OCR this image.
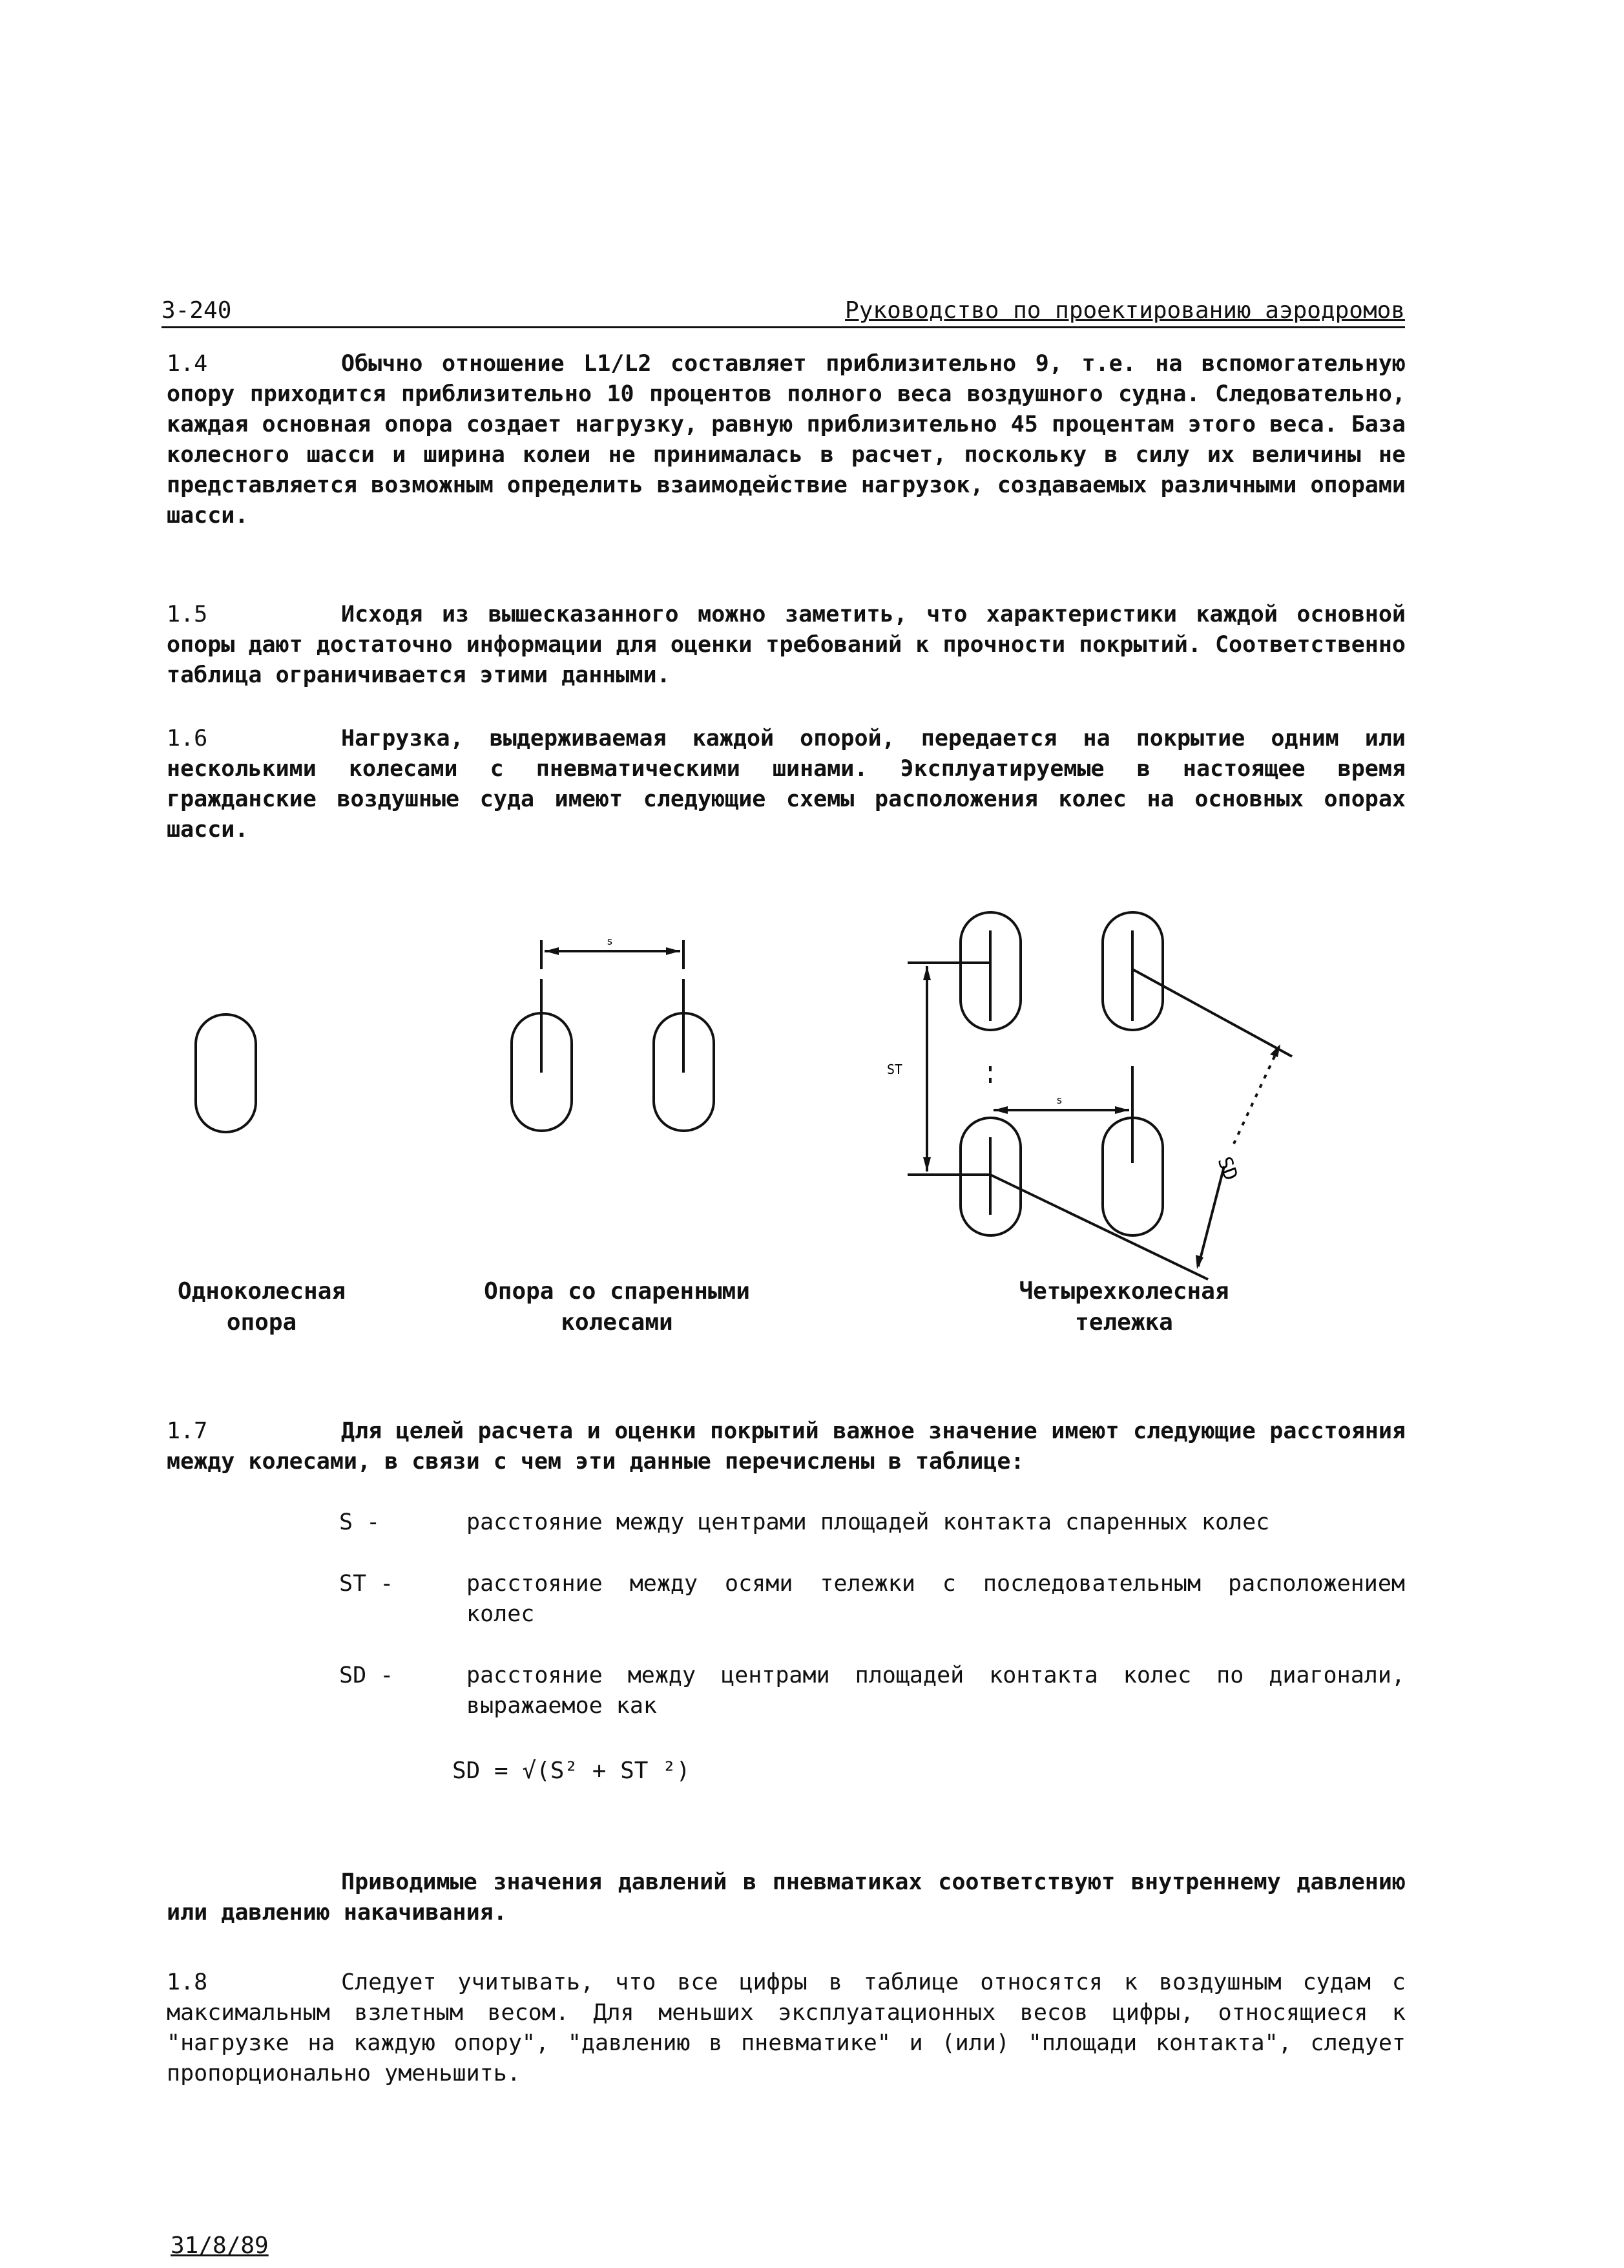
3-240	Руководство по проектированию аэродромов
1.4	Обычно отношение L1/L2 составляет приблизительно 9, т.е. на вспомогательную опору приходится приблизительно 10 процентов полного веса воздушного судна. Следовательно, каждая основная опора создает нагрузку, равную приблизительно 45 процентам этого веса. База колесного шасси и ширина колеи не принималась в расчет, поскольку в силу их величины не представляется возможным определить взаимодействие нагрузок, создаваемых различными опорами шасси.
1.5	Исходя из вышесказанного можно заметить, что характеристики каждой основной опоры дают достаточно информации для оценки требований к прочности покрытий. Соответственно таблица ограничивается этими данными.
1.6	Нагрузка, выдерживаемая каждой опорой, передается на покрытие одним или несколькими колесами с пневматическими шинами. Эксплуатируемые в настоящее время гражданские воздушные суда имеют следующие схемы расположения колес на основных опорах шасси.
s
s
ST
SD
Одноколесная
опора
Опора со спаренными
колесами
Четырехколесная
тележка
1.7	Для целей расчета и оценки покрытий важное значение имеют следующие расстояния между колесами, в связи с чем эти данные перечислены в таблице:
S -	расстояние между центрами площадей контакта спаренных колес
ST -	расстояние между осями тележки с последовательным расположением колес
SD -	расстояние между центрами площадей контакта колес по диагонали, выражаемое как
SD = √(S² + ST ²)
Приводимые значения давлений в пневматиках соответствуют внутреннему давлению или давлению накачивания.
1.8	Следует учитывать, что все цифры в таблице относятся к воздушным судам с максимальным взлетным весом. Для меньших эксплуатационных весов цифры, относящиеся к "нагрузке на каждую опору", "давлению в пневматике" и (или) "площади контакта", следует пропорционально уменьшить.
31/8/89
